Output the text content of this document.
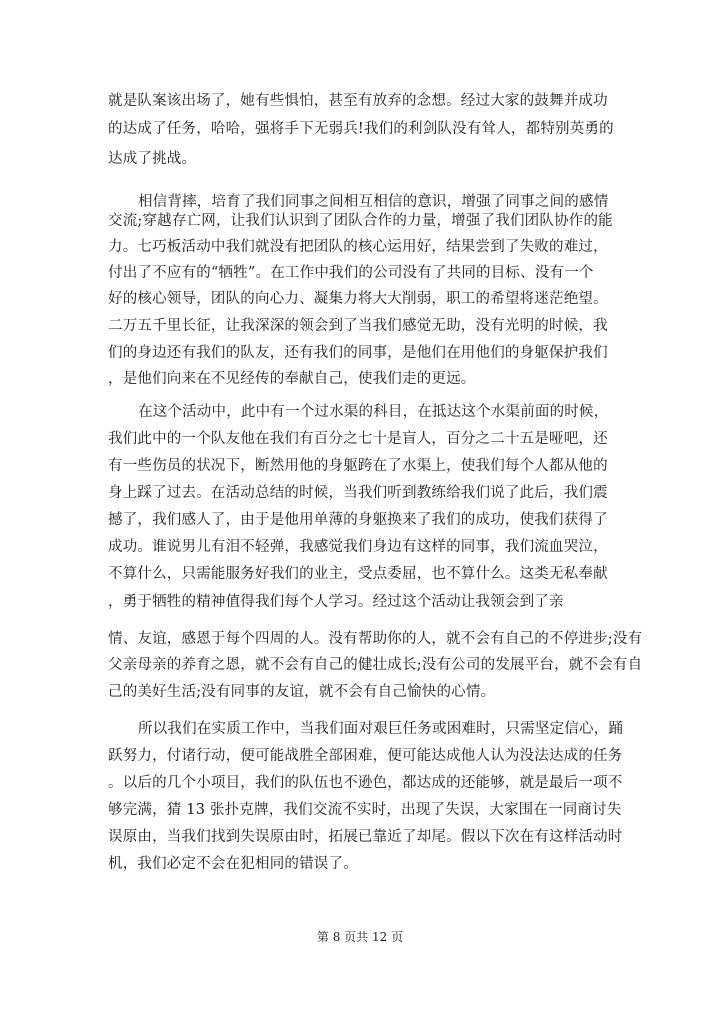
就是队案该出场了，她有些惧怕，甚至有放弃的念想。经过大家的鼓舞并成功
的达成了任务，哈哈，强将手下无弱兵!我们的利剑队没有耸人，都特别英勇的
达成了挑战。
相信背摔，培育了我们同事之间相互相信的意识，增强了同事之间的感情
交流;穿越存亡网，让我们认识到了团队合作的力量，增强了我们团队协作的能
力。七巧板活动中我们就没有把团队的核心运用好，结果尝到了失败的难过，
付出了不应有的“牺牲”。在工作中我们的公司没有了共同的目标、没有一个
好的核心领导，团队的向心力、凝集力将大大削弱，职工的希望将迷茫绝望。
二万五千里长征，让我深深的领会到了当我们感觉无助，没有光明的时候，我
们的身边还有我们的队友，还有我们的同事，是他们在用他们的身躯保护我们
，是他们向来在不见经传的奉献自己，使我们走的更远。
在这个活动中，此中有一个过水渠的科目，在抵达这个水渠前面的时候，
我们此中的一个队友他在我们有百分之七十是盲人，百分之二十五是哑吧，还
有一些伤员的状况下，断然用他的身躯跨在了水渠上，使我们每个人都从他的
身上踩了过去。在活动总结的时候，当我们听到教练给我们说了此后，我们震
撼了，我们感人了，由于是他用单薄的身躯换来了我们的成功，使我们获得了
成功。谁说男儿有泪不轻弹，我感觉我们身边有这样的同事，我们流血哭泣，
不算什么，只需能服务好我们的业主，受点委屈，也不算什么。这类无私奉献
，勇于牺牲的精神值得我们每个人学习。经过这个活动让我领会到了亲
情、友谊，感恩于每个四周的人。没有帮助你的人，就不会有自己的不停进步;没有
父亲母亲的养育之恩，就不会有自己的健壮成长;没有公司的发展平台，就不会有自
己的美好生活;没有同事的友谊，就不会有自己愉快的心情。
所以我们在实质工作中，当我们面对艰巨任务或困难时，只需坚定信心，踊
跃努力，付诸行动，便可能战胜全部困难，便可能达成他人认为没法达成的任务
。以后的几个小项目，我们的队伍也不逊色，都达成的还能够，就是最后一项不
够完满，猜 13 张扑克牌，我们交流不实时，出现了失误，大家围在一同商讨失
误原由，当我们找到失误原由时，拓展已靠近了却尾。假以下次在有这样活动时
机，我们必定不会在犯相同的错误了。
第 8 页共 12 页
